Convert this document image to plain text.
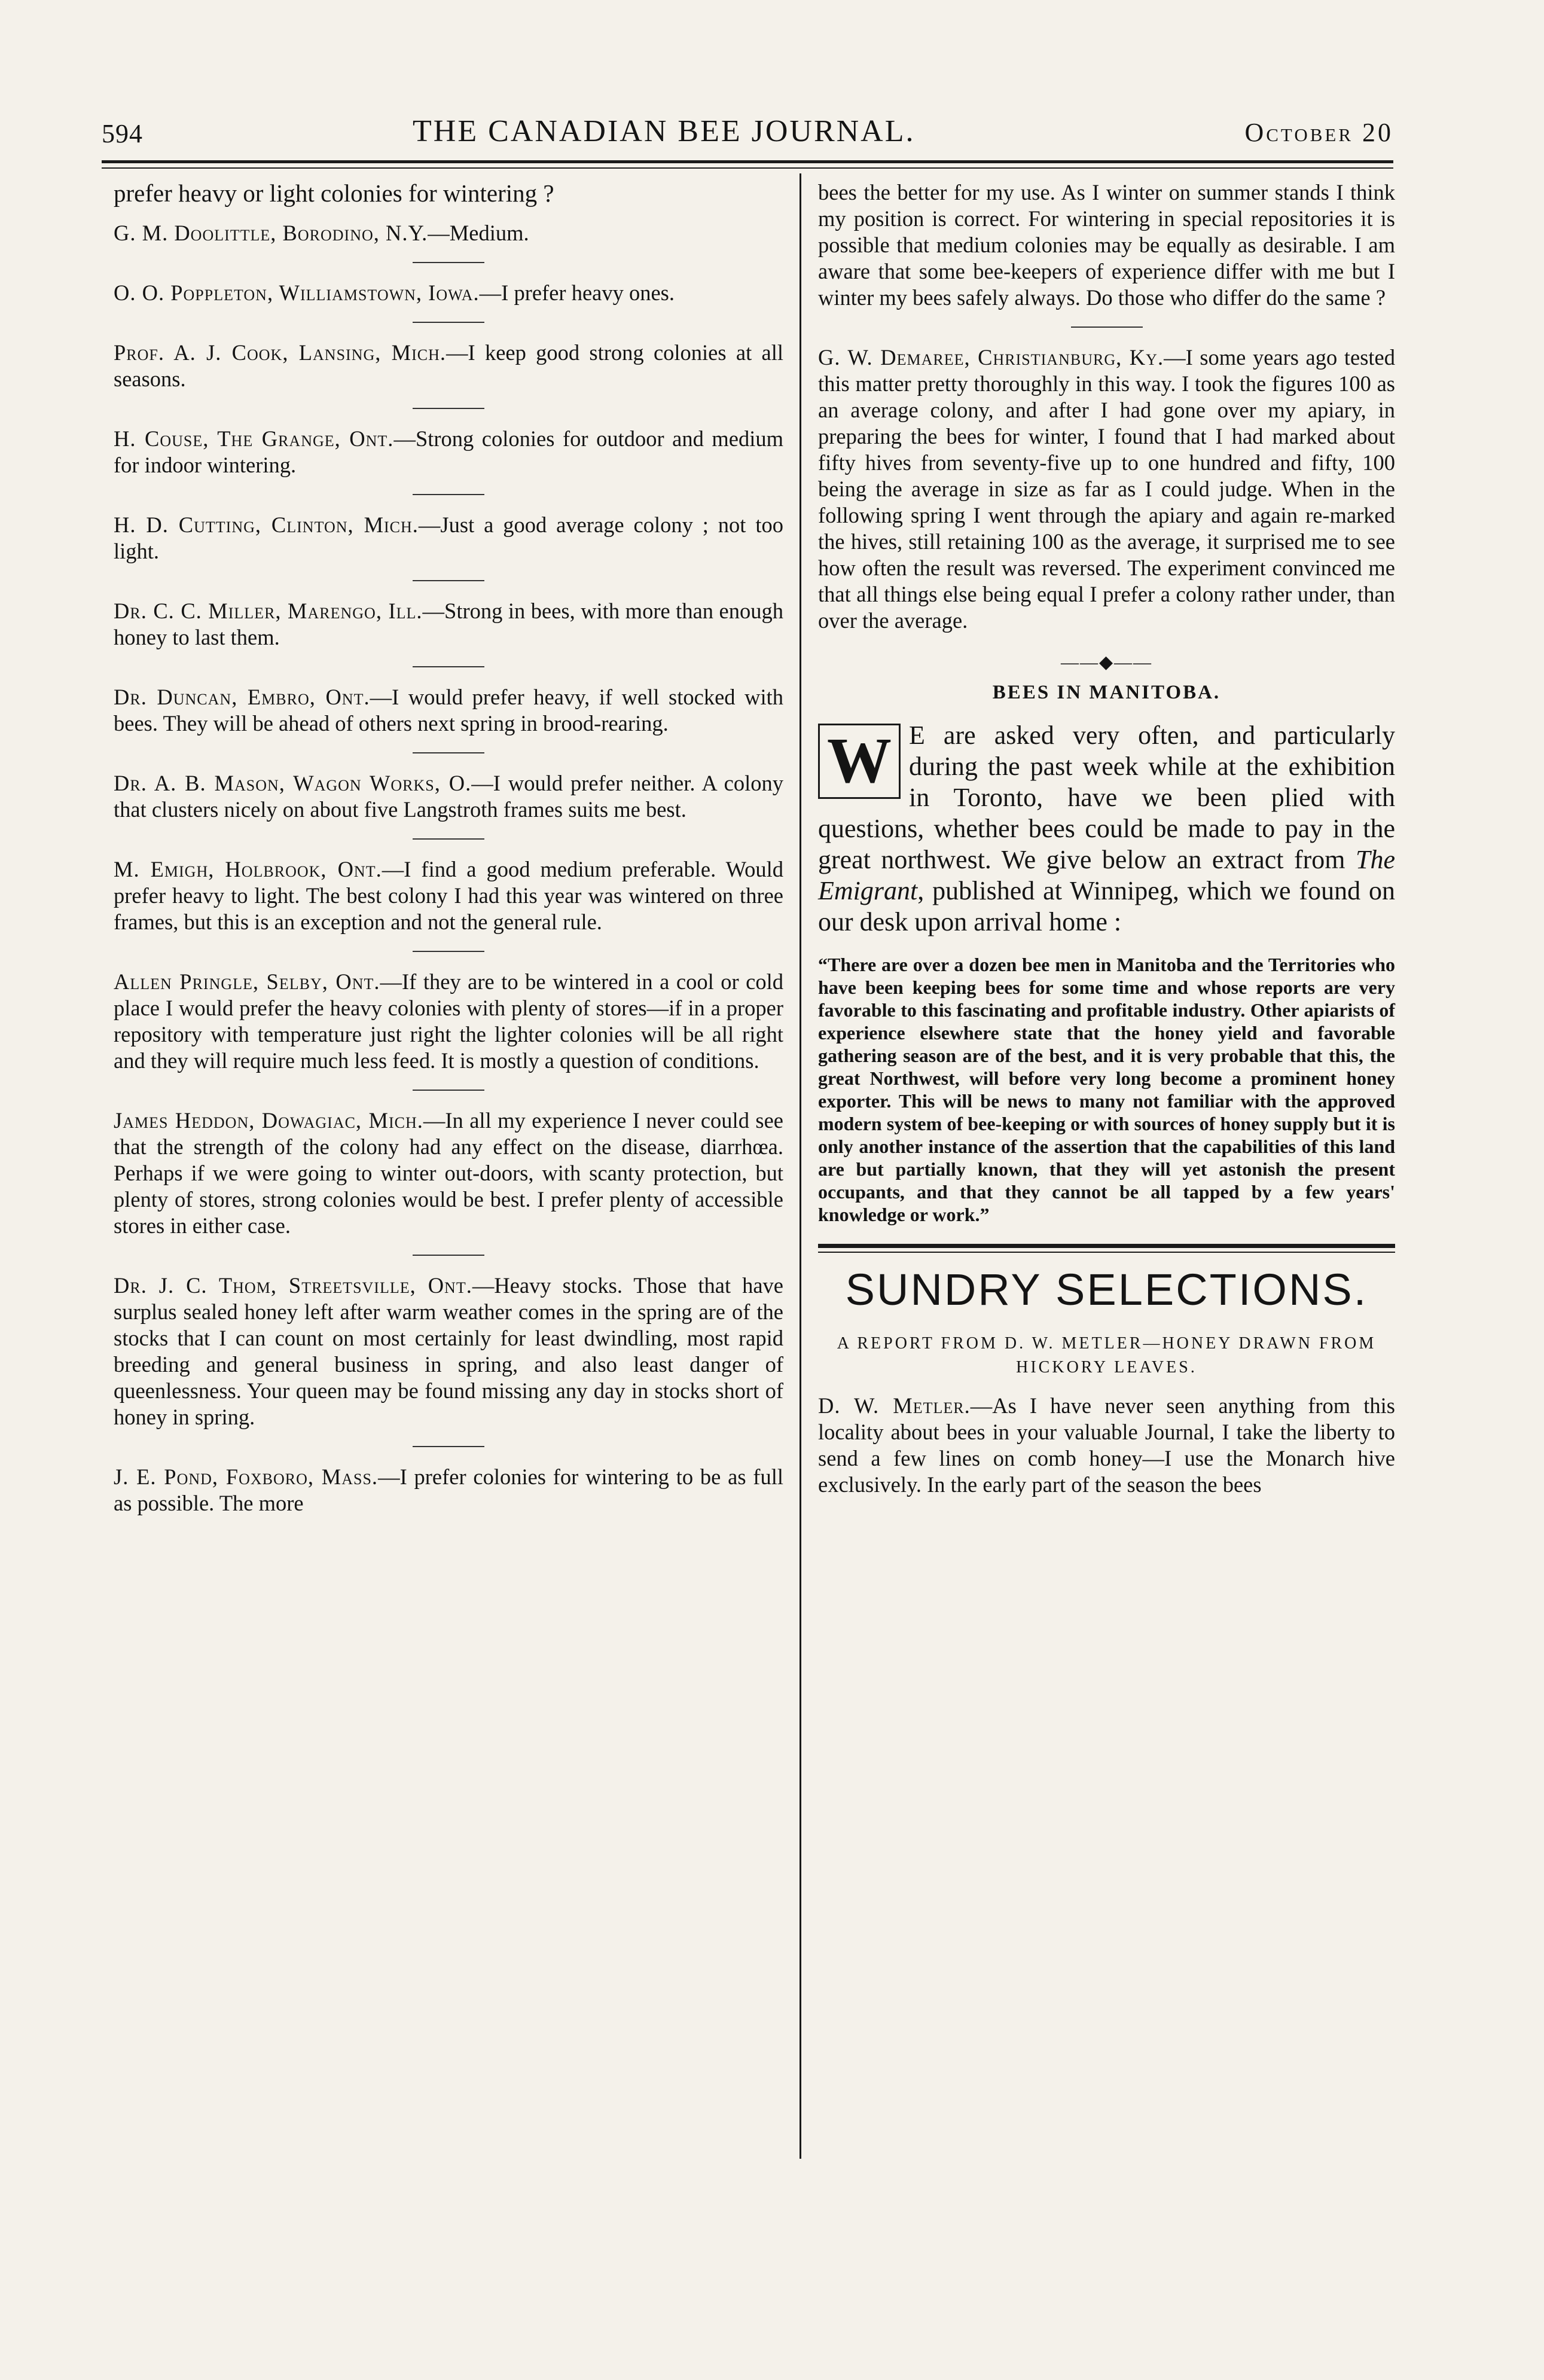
594	THE CANADIAN BEE JOURNAL.	October 20

prefer heavy or light colonies for wintering ?

G. M. Doolittle, Borodino, N.Y.—Medium.

O. O. Poppleton, Williamstown, Iowa.—I prefer heavy ones.

Prof. A. J. Cook, Lansing, Mich.—I keep good strong colonies at all seasons.

H. Couse, The Grange, Ont.—Strong colonies for outdoor and medium for indoor wintering.

H. D. Cutting, Clinton, Mich.—Just a good average colony ; not too light.

Dr. C. C. Miller, Marengo, Ill.—Strong in bees, with more than enough honey to last them.

Dr. Duncan, Embro, Ont.—I would prefer heavy, if well stocked with bees. They will be ahead of others next spring in brood-rearing.

Dr. A. B. Mason, Wagon Works, O.—I would prefer neither. A colony that clusters nicely on about five Langstroth frames suits me best.

M. Emigh, Holbrook, Ont.—I find a good medium preferable. Would prefer heavy to light. The best colony I had this year was wintered on three frames, but this is an exception and not the general rule.

Allen Pringle, Selby, Ont.—If they are to be wintered in a cool or cold place I would prefer the heavy colonies with plenty of stores—if in a proper repository with temperature just right the lighter colonies will be all right and they will require much less feed. It is mostly a question of conditions.

James Heddon, Dowagiac, Mich.—In all my experience I never could see that the strength of the colony had any effect on the disease, diarrhœa. Perhaps if we were going to winter out-doors, with scanty protection, but plenty of stores, strong colonies would be best. I prefer plenty of accessible stores in either case.

Dr. J. C. Thom, Streetsville, Ont.—Heavy stocks. Those that have surplus sealed honey left after warm weather comes in the spring are of the stocks that I can count on most certainly for least dwindling, most rapid breeding and general business in spring, and also least danger of queenlessness. Your queen may be found missing any day in stocks short of honey in spring.

J. E. Pond, Foxboro, Mass.—I prefer colonies for wintering to be as full as possible. The more

bees the better for my use. As I winter on summer stands I think my position is correct. For wintering in special repositories it is possible that medium colonies may be equally as desirable. I am aware that some bee-keepers of experience differ with me but I winter my bees safely always. Do those who differ do the same ?

G. W. Demaree, Christianburg, Ky.—I some years ago tested this matter pretty thoroughly in this way. I took the figures 100 as an average colony, and after I had gone over my apiary, in preparing the bees for winter, I found that I had marked about fifty hives from seventy-five up to one hundred and fifty, 100 being the average in size as far as I could judge. When in the following spring I went through the apiary and again re-marked the hives, still retaining 100 as the average, it surprised me to see how often the result was reversed. The experiment convinced me that all things else being equal I prefer a colony rather under, than over the average.

——◆——
BEES IN MANITOBA.

W E are asked very often, and particularly during the past week while at the exhibition in Toronto, have we been plied with questions, whether bees could be made to pay in the great northwest. We give below an extract from The Emigrant, published at Winnipeg, which we found on our desk upon arrival home :

“There are over a dozen bee men in Manitoba and the Territories who have been keeping bees for some time and whose reports are very favorable to this fascinating and profitable industry. Other apiarists of experience elsewhere state that the honey yield and favorable gathering season are of the best, and it is very probable that this, the great Northwest, will before very long become a prominent honey exporter. This will be news to many not familiar with the approved modern system of bee-keeping or with sources of honey supply but it is only another instance of the assertion that the capabilities of this land are but partially known, that they will yet astonish the present occupants, and that they cannot be all tapped by a few years' knowledge or work.”

SUNDRY SELECTIONS.
A REPORT FROM D. W. METLER—HONEY DRAWN FROM HICKORY LEAVES.

D. W. Metler.—As I have never seen anything from this locality about bees in your valuable Journal, I take the liberty to send a few lines on comb honey—I use the Monarch hive exclusively. In the early part of the season the bees
